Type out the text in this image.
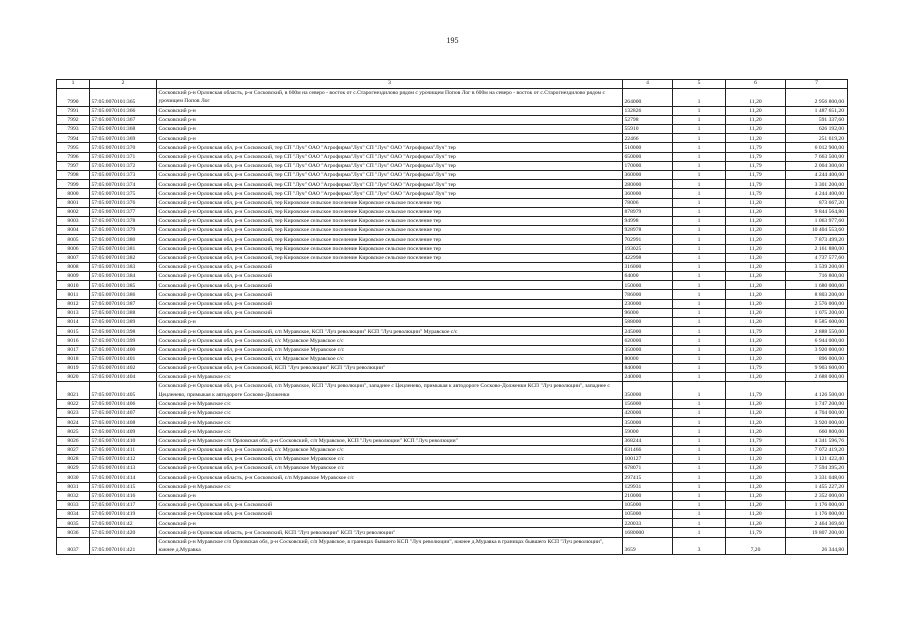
195
1	2	3	4	5	6	7
7990	57:05:0070101:365	Сосковский р-н Орловская область, р-н Сосковский, в 600м на северо - восток от с.Старогнездилово рядом с урочищем Попов Лог в 600м на северо - восток от с.Старогнездилово рядом с урочищем Попов Лог	264000	1	11,20	2 956 800,00
7991	57:05:0070101:366	Сосковский р-н	132826	1	11,20	1 487 651,20
7992	57:05:0070101:367	Сосковский р-н	52798	1	11,20	591 337,60
7993	57:05:0070101:368	Сосковский р-н	55910	1	11,20	626 192,00
7994	57:05:0070101:369	Сосковский р-н	22466	1	11,20	251 619,20
7995	57:05:0070101:370	Сосковский р-н Орловская обл, р-н Сосковский, тер СП "Луч" ОАО "Агрофирма"Луч" СП "Луч" ОАО "Агрофирма"Луч" тер	510000	1	11,79	6 012 900,00
7996	57:05:0070101:371	Сосковский р-н Орловская обл, р-н Сосковский, тер СП "Луч" ОАО "Агрофирма"Луч" СП "Луч" ОАО "Агрофирма"Луч" тер	650000	1	11,79	7 663 500,00
7997	57:05:0070101:372	Сосковский р-н Орловская обл, р-н Сосковский, тер СП "Луч" ОАО "Агрофирма"Луч" СП "Луч" ОАО "Агрофирма"Луч" тер	170000	1	11,79	2 004 300,00
7998	57:05:0070101:373	Сосковский р-н Орловская обл, р-н Сосковский, тер СП "Луч" ОАО "Агрофирма"Луч" СП "Луч" ОАО "Агрофирма"Луч" тер	360000	1	11,79	4 244 400,00
7999	57:05:0070101:374	Сосковский р-н Орловская обл, р-н Сосковский, тер СП "Луч" ОАО "Агрофирма"Луч" СП "Луч" ОАО "Агрофирма"Луч" тер	280000	1	11,79	3 301 200,00
8000	57:05:0070101:375	Сосковский р-н Орловская обл, р-н Сосковский, тер СП "Луч" ОАО "Агрофирма"Луч" СП "Луч" ОАО "Агрофирма"Луч" тер	360000	1	11,79	4 244 400,00
8001	57:05:0070101:376	Сосковский р-н Орловская обл, р-н Сосковский, тер Кировское сельское поселение Кировское сельское поселение тер	78006	1	11,20	873 667,20
8002	57:05:0070101:377	Сосковский р-н Орловская обл, р-н Сосковский, тер Кировское сельское поселение Кировское сельское поселение тер	878979	1	11,20	9 844 564,80
8003	57:05:0070101:378	Сосковский р-н Орловская обл, р-н Сосковский, тер Кировское сельское поселение Кировское сельское поселение тер	94998	1	11,20	1 063 977,60
8004	57:05:0070101:379	Сосковский р-н Орловская обл, р-н Сосковский, тер Кировское сельское поселение Кировское сельское поселение тер	928978	1	11,20	10 404 553,60
8005	57:05:0070101:380	Сосковский р-н Орловская обл, р-н Сосковский, тер Кировское сельское поселение Кировское сельское поселение тер	702991	1	11,20	7 873 499,20
8006	57:05:0070101:381	Сосковский р-н Орловская обл, р-н Сосковский, тер Кировское сельское поселение Кировское сельское поселение тер	193025	1	11,20	2 161 880,00
8007	57:05:0070101:382	Сосковский р-н Орловская обл, р-н Сосковский, тер Кировское сельское поселение Кировское сельское поселение тер	422998	1	11,20	4 737 577,60
8008	57:05:0070101:383	Сосковский р-н Орловская обл, р-н Сосковский	316000	1	11,20	3 539 200,00
8009	57:05:0070101:384	Сосковский р-н Орловская обл, р-н Сосковский	64000	1	11,20	716 800,00
8010	57:05:0070101:385	Сосковский р-н Орловская обл, р-н Сосковский	150000	1	11,20	1 680 000,00
8011	57:05:0070101:386	Сосковский р-н Орловская обл, р-н Сосковский	786000	1	11,20	8 803 200,00
8012	57:05:0070101:387	Сосковский р-н Орловская обл, р-н Сосковский	230000	1	11,20	2 576 000,00
8013	57:05:0070101:388	Сосковский р-н Орловская обл, р-н Сосковский	96000	1	11,20	1 075 200,00
8014	57:05:0070101:389	Сосковский р-н	588000	1	11,20	6 585 600,00
8015	57:05:0070101:398	Сосковский р-н Орловская обл, р-н Сосковский, с/п Муравское, КСП "Луч революции" КСП "Луч революции" Муравское с/с	245000	1	11,79	2 888 550,00
8016	57:05:0070101:399	Сосковский р-н Орловская обл, р-н Сосковский, с/с Муравское Муравское с/с	620000	1	11,20	6 944 000,00
8017	57:05:0070101:400	Сосковский р-н Орловская обл, р-н Сосковский, с/п Муравское Муравское с/с	350000	1	11,20	3 920 000,00
8018	57:05:0070101:401	Сосковский р-н Орловская обл, р-н Сосковский, с/с Муравское Муравское с/с	80000	1	11,20	896 000,00
8019	57:05:0070101:402	Сосковский р-н Орловская обл, р-н Сосковский, КСП "Луч революции" КСП "Луч революции"	840000	1	11,79	9 903 600,00
8020	57:05:0070101:404	Сосковский р-н Муравское с/с	240000	1	11,20	2 688 000,00
8021	57:05:0070101:405	Сосковский р-н Орловская обл, р-н Сосковский, с/п Муравское, КСП "Луч революции", западнее с Цецленево, примыкая к автодороге Сосково-Долженки КСП "Луч революции", западнее с Цецленево, примыкая к автодороге Сосково-Долженки	350000	1	11,79	4 126 500,00
8022	57:05:0070101:406	Сосковский р-н Муравское с/с	156000	1	11,20	1 747 200,00
8023	57:05:0070101:407	Сосковский р-н Муравское с/с	420000	1	11,20	4 704 000,00
8024	57:05:0070101:408	Сосковский р-н Муравское с/с	350000	1	11,20	3 920 000,00
8025	57:05:0070101:409	Сосковский р-н Муравское с/с	59000	1	11,20	660 800,00
8026	57:05:0070101:410	Сосковский р-н Муравское с/п Орловская обл, р-н Сосковский, с/п Муравское, КСП "Луч революции" КСП "Луч революции"	368244	1	11,79	4 341 596,76
8027	57:05:0070101:411	Сосковский р-н Орловская обл, р-н Сосковский, с/с Муравское Муравское с/с	631466	1	11,20	7 072 419,20
8028	57:05:0070101:412	Сосковский р-н Орловская обл, р-н Сосковский, с/п Муравское Муравское с/с	100127	1	11,20	1 121 422,40
8029	57:05:0070101:413	Сосковский р-н Орловская обл, р-н Сосковский, с/п Муравское Муравское с/с	678071	1	11,20	7 594 395,20
8030	57:05:0070101:414	Сосковский р-н Орловская область, р-н Сосковский, с/п Муравское Муравское с/с	297415	1	11,20	3 331 048,00
8031	57:05:0070101:415	Сосковский р-н Муравское с/с	129931	1	11,20	1 455 227,20
8032	57:05:0070101:416	Сосковский р-н	210000	1	11,20	2 352 000,00
8033	57:05:0070101:417	Сосковский р-н Орловская обл, р-н Сосковский	105000	1	11,20	1 176 000,00
8034	57:05:0070101:419	Сосковский р-н Орловская обл, р-н Сосковский	105000	1	11,20	1 176 000,00
8035	57:05:0070101:42	Сосковский р-н	220033	1	11,20	2 464 369,60
8036	57:05:0070101:420	Сосковский р-н Орловская область, р-н Сосковский, КСП "Луч революции" КСП "Луч революции"	1680000	1	11,79	19 807 200,00
8037	57:05:0070101:421	Сосковский р-н Муравское с/п Орловская обл, р-н Сосковский, с/п Муравское, в границах бывшего КСП "Луч революции", южнее д.Муравка в границах бывшего КСП "Луч революции", южнее д.Муравка	3659	3	7,20	26 344,80
